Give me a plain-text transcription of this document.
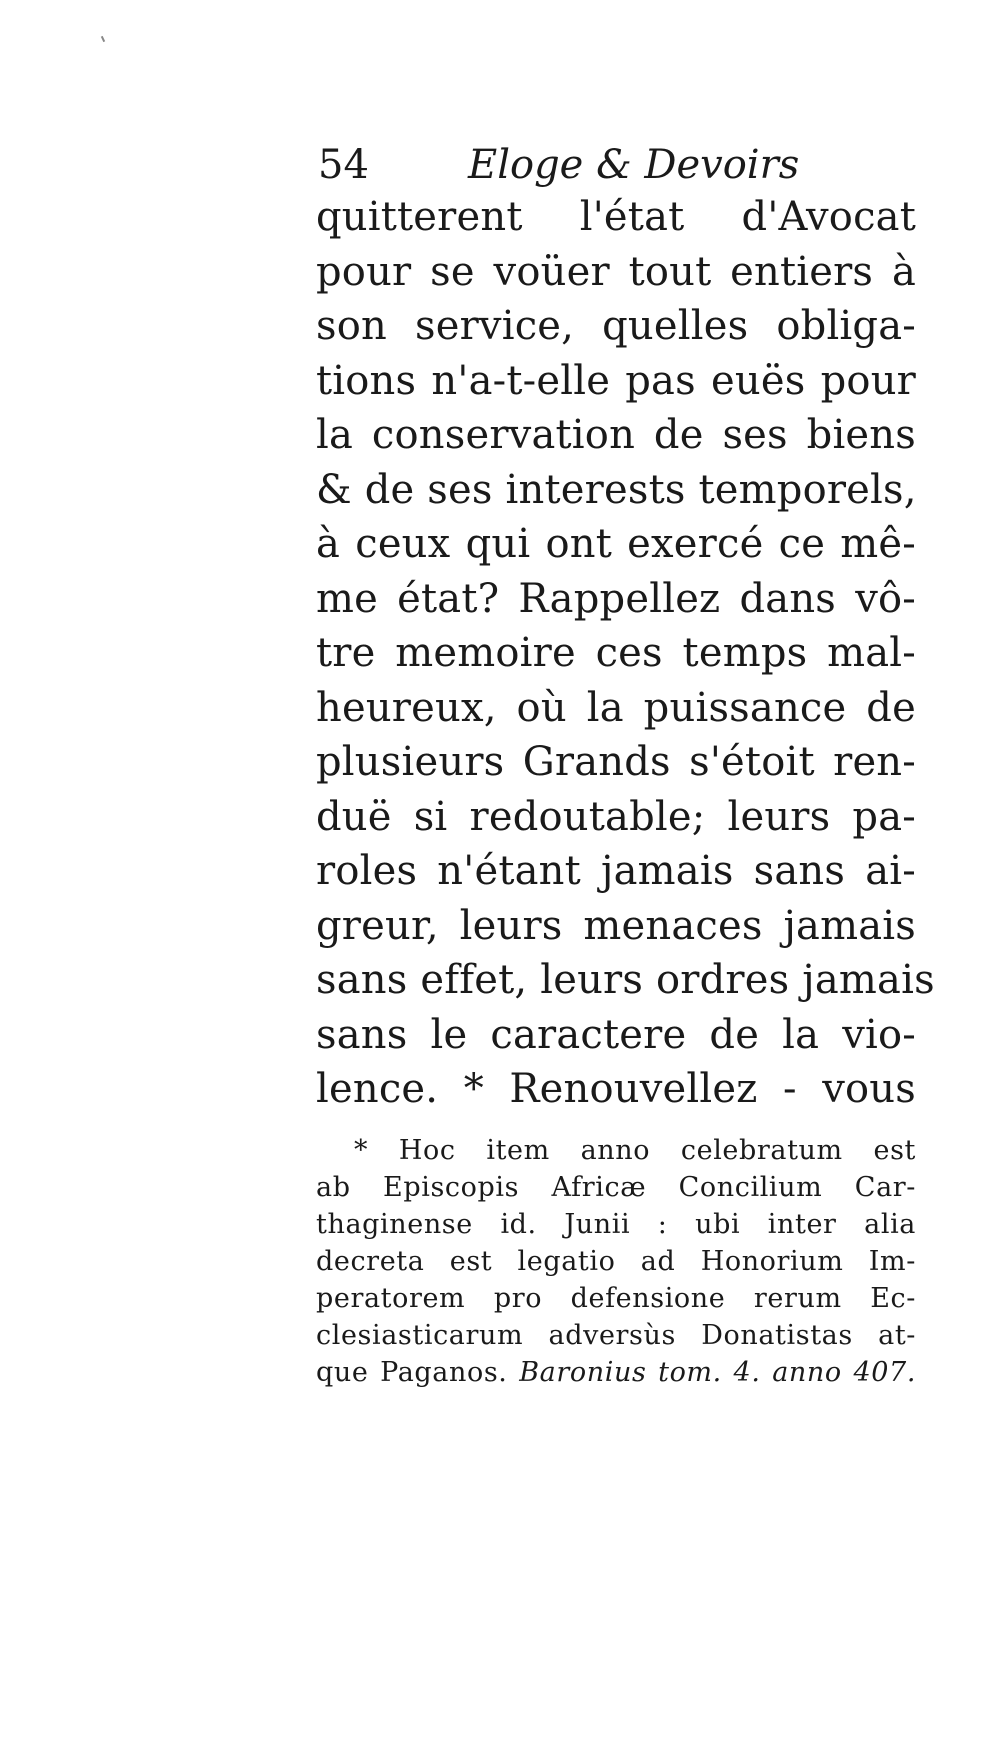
54 Eloge & Devoirs
quitterent l'état d'Avocat
pour se voüer tout entiers à
son service, quelles obliga-
tions n'a-t-elle pas euës pour
la conservation de ses biens
& de ses interests temporels,
à ceux qui ont exercé ce mê-
me état? Rappellez dans vô-
tre memoire ces temps mal-
heureux, où la puissance de
plusieurs Grands s'étoit ren-
duë si redoutable; leurs pa-
roles n'étant jamais sans ai-
greur, leurs menaces jamais
sans effet, leurs ordres jamais
sans le caractere de la vio-
lence. * Renouvellez - vous
* Hoc item anno celebratum est
ab Episcopis Africæ Concilium Car-
thaginense id. Junii : ubi inter alia
decreta est legatio ad Honorium Im-
peratorem pro defensione rerum Ec-
clesiasticarum adversùs Donatistas at-
que Paganos. Baronius tom. 4. anno 407.
